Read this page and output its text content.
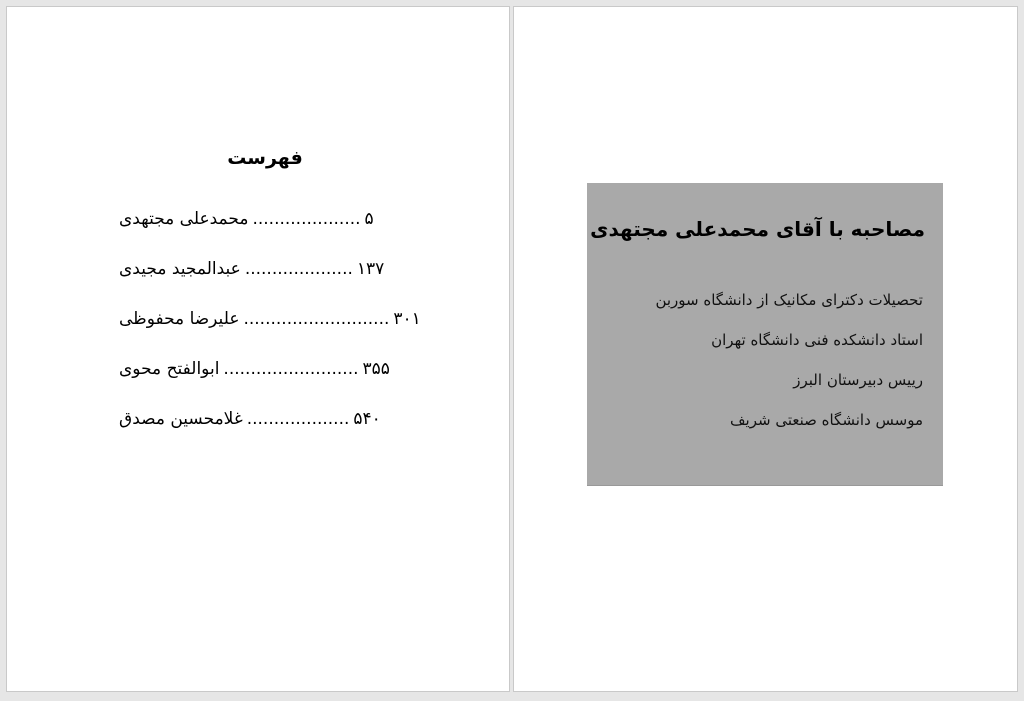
فهرست
محمدعلی مجتهدی .................... ۵
عبدالمجید مجیدی .................... ۱۳۷
علیرضا محفوظی ........................... ۳۰۱
ابوالفتح محوی ......................... ۳۵۵
غلامحسین مصدق ................... ۵۴۰
مصاحبه با آقای محمدعلی مجتهدی
تحصیلات دکترای مکانیک از دانشگاه سوربن
استاد دانشکده فنی دانشگاه تهران
رییس دبیرستان البرز
موسس دانشگاه صنعتی شریف
